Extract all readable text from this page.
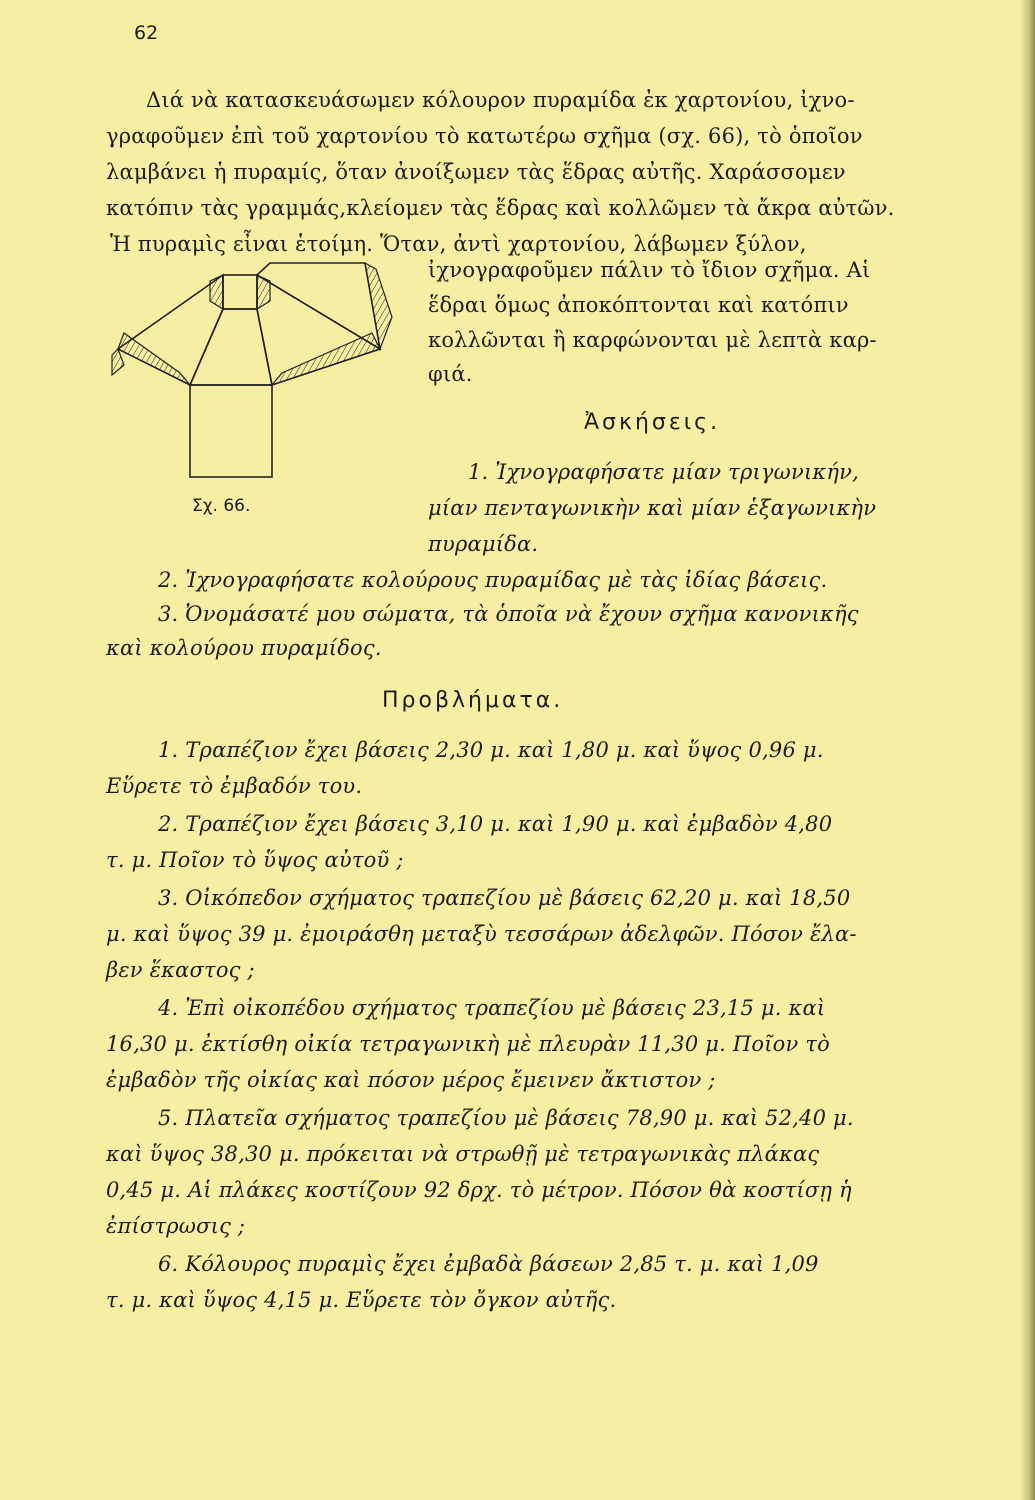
62
Διά νὰ κατασκευάσωμεν κόλουρον πυραμίδα ἐκ χαρτονίου, ἰχνο-
γραφοῦμεν ἐπὶ τοῦ χαρτονίου τὸ κατωτέρω σχῆμα (σχ. 66), τὸ ὁποῖον
λαμβάνει ἡ πυραμίς, ὅταν ἀνοίξωμεν τὰς ἕδρας αὐτῆς. Χαράσσομεν
κατόπιν τὰς γραμμάς,κλείομεν τὰς ἕδρας καὶ κολλῶμεν τὰ ἄκρα αὐτῶν.
Ἡ πυραμὶς εἶναι ἑτοίμη. Ὅταν, ἀντὶ χαρτονίου, λάβωμεν ξύλον,
ἰχνογραφοῦμεν πάλιν τὸ ἴδιον σχῆμα. Αἱ
ἕδραι ὅμως ἀποκόπτονται καὶ κατόπιν
κολλῶνται ἢ καρφώνονται μὲ λεπτὰ καρ-
φιά.
Σχ. 66.
Ἀσκήσεις.
1. Ἰχνογραφήσατε μίαν τριγωνικήν,
μίαν πενταγωνικὴν καὶ μίαν ἑξαγωνικὴν
πυραμίδα.
2. Ἰχνογραφήσατε κολούρους πυραμίδας μὲ τὰς ἰδίας βάσεις.
3. Ὀνομάσατέ μου σώματα, τὰ ὁποῖα νὰ ἔχουν σχῆμα κανονικῆς
καὶ κολούρου πυραμίδος.
Προβλήματα.
1. Τραπέζιον ἔχει βάσεις 2,30 μ. καὶ 1,80 μ. καὶ ὕψος 0,96 μ.
Εὕρετε τὸ ἐμβαδόν του.
2. Τραπέζιον ἔχει βάσεις 3,10 μ. καὶ 1,90 μ. καὶ ἐμβαδὸν 4,80
τ. μ. Ποῖον τὸ ὕψος αὐτοῦ ;
3. Οἰκόπεδον σχήματος τραπεζίου μὲ βάσεις 62,20 μ. καὶ 18,50
μ. καὶ ὕψος 39 μ. ἐμοιράσθη μεταξὺ τεσσάρων ἀδελφῶν. Πόσον ἔλα-
βεν ἕκαστος ;
4. Ἐπὶ οἰκοπέδου σχήματος τραπεζίου μὲ βάσεις 23,15 μ. καὶ
16,30 μ. ἐκτίσθη οἰκία τετραγωνικὴ μὲ πλευρὰν 11,30 μ. Ποῖον τὸ
ἐμβαδὸν τῆς οἰκίας καὶ πόσον μέρος ἔμεινεν ἄκτιστον ;
5. Πλατεῖα σχήματος τραπεζίου μὲ βάσεις 78,90 μ. καὶ 52,40 μ.
καὶ ὕψος 38,30 μ. πρόκειται νὰ στρωθῇ μὲ τετραγωνικὰς πλάκας
0,45 μ. Αἱ πλάκες κοστίζουν 92 δρχ. τὸ μέτρον. Πόσον θὰ κοστίσῃ ἡ
ἐπίστρωσις ;
6. Κόλουρος πυραμὶς ἔχει ἐμβαδὰ βάσεων 2,85 τ. μ. καὶ 1,09
τ. μ. καὶ ὕψος 4,15 μ. Εὕρετε τὸν ὄγκον αὐτῆς.
